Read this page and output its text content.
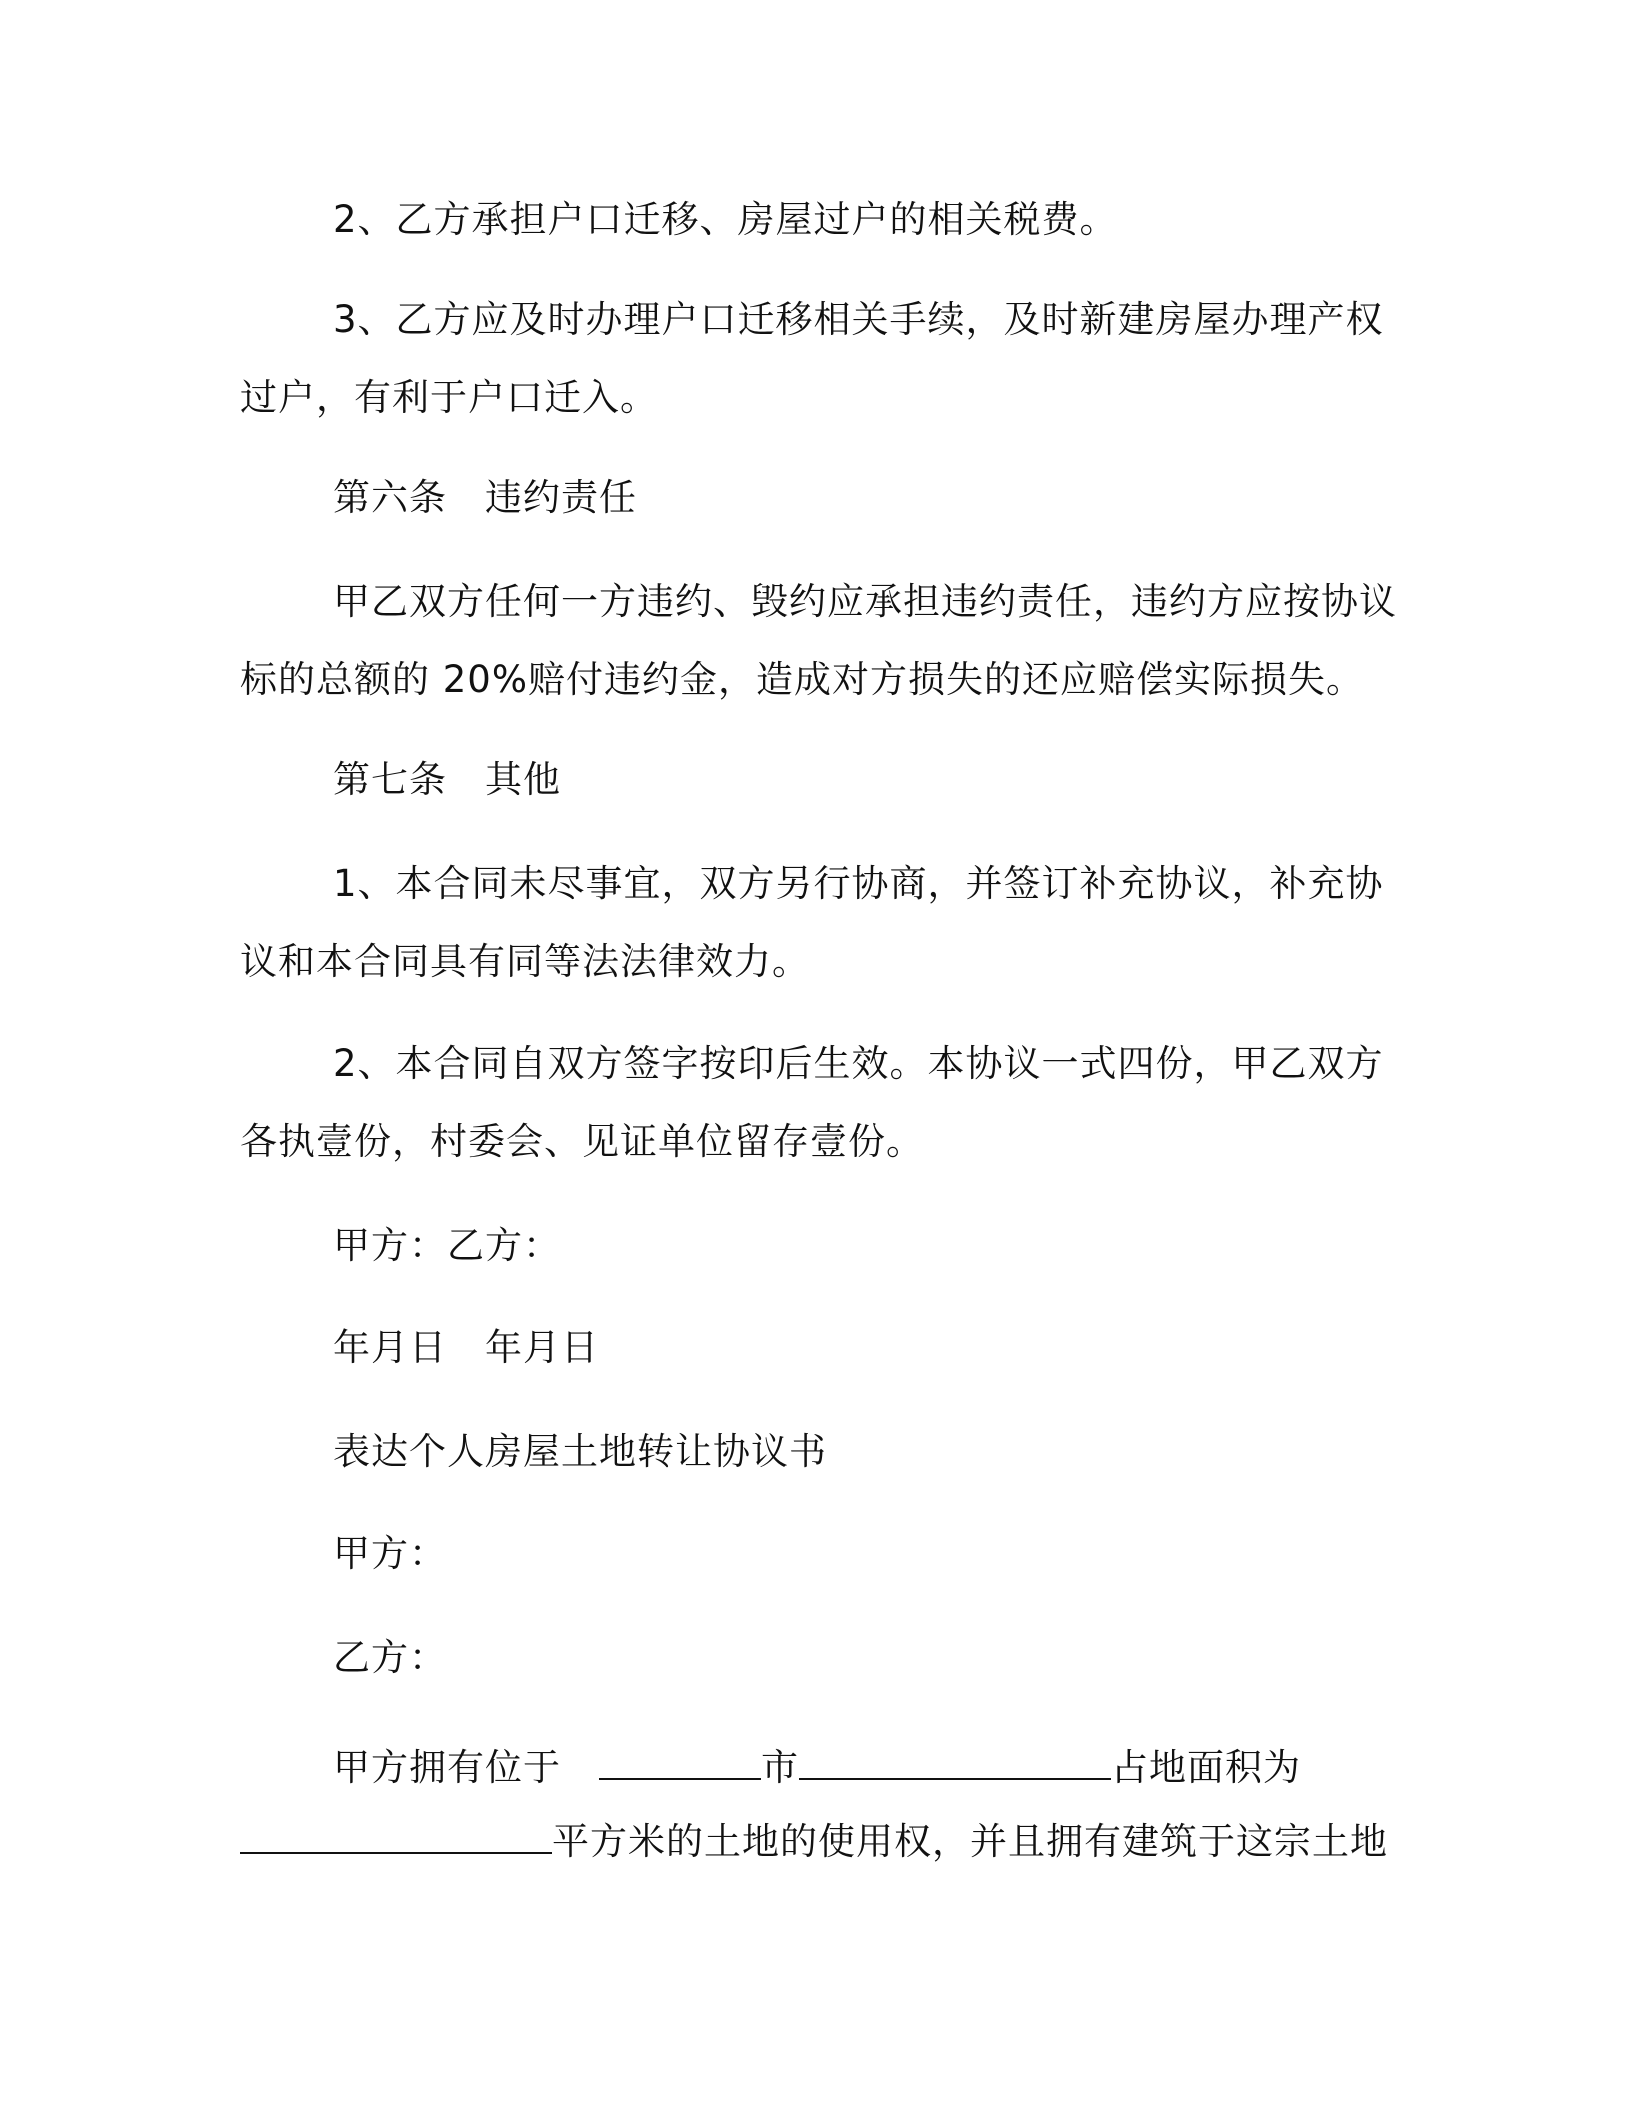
2、乙方承担户口迁移、房屋过户的相关税费。
3、乙方应及时办理户口迁移相关手续，及时新建房屋办理产权
过户，有利于户口迁入。
第六条 违约责任
甲乙双方任何一方违约、毁约应承担违约责任，违约方应按协议
标的总额的 20%赔付违约金，造成对方损失的还应赔偿实际损失。
第七条 其他
1、本合同未尽事宜，双方另行协商，并签订补充协议，补充协
议和本合同具有同等法法律效力。
2、本合同自双方签字按印后生效。本协议一式四份，甲乙双方
各执壹份，村委会、见证单位留存壹份。
甲方：乙方：
年月日 年月日
表达个人房屋土地转让协议书
甲方：
乙方：
甲方拥有位于	市	占地面积为
平方米的土地的使用权，并且拥有建筑于这宗土地
